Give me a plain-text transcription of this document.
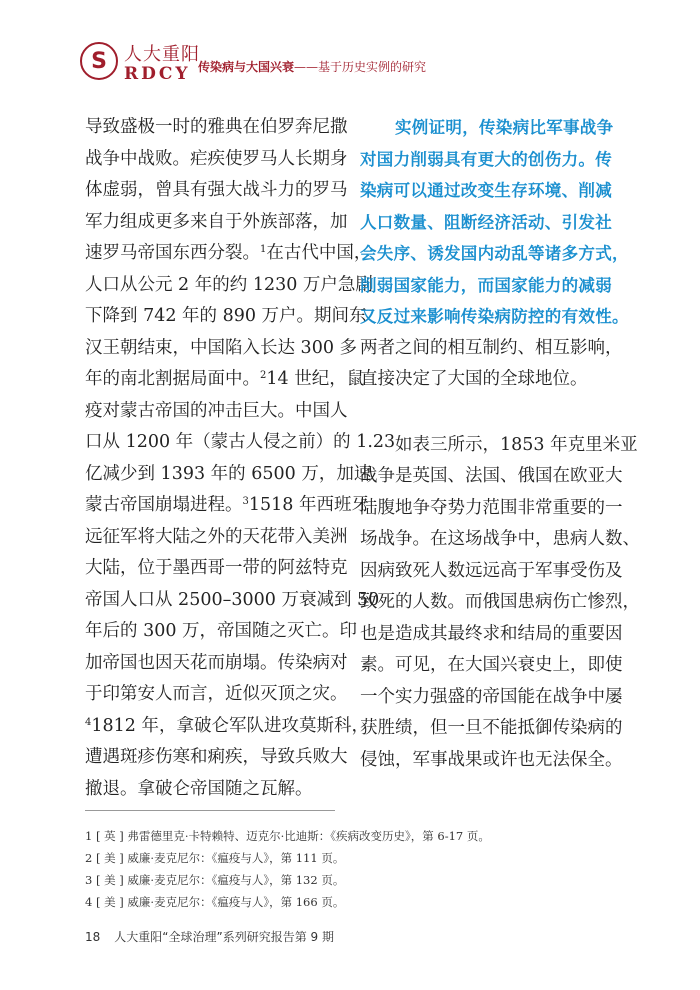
S 人大重阳
RDCY 传染病与大国兴衰——基于历史实例的研究
导致盛极一时的雅典在伯罗奔尼撒
战争中战败。疟疾使罗马人长期身
体虚弱，曾具有强大战斗力的罗马
军力组成更多来自于外族部落，加
速罗马帝国东西分裂。$^1$在古代中国，
人口从公元 2 年的约 1230 万户急剧
下降到 742 年的 890 万户。期间东
汉王朝结束，中国陷入长达 300 多
年的南北割据局面中。$^2$14 世纪，鼠
疫对蒙古帝国的冲击巨大。中国人
口从 1200 年（蒙古人侵之前）的 1.23
亿减少到 1393 年的 6500 万，加速
蒙古帝国崩塌进程。$^3$1518 年西班牙
远征军将大陆之外的天花带入美洲
大陆，位于墨西哥一带的阿兹特克
帝国人口从 2500–3000 万衰减到 50
年后的 300 万，帝国随之灭亡。印
加帝国也因天花而崩塌。传染病对
于印第安人而言，近似灭顶之灾。
$^4$1812 年，拿破仑军队进攻莫斯科，
遭遇斑疹伤寒和痢疾，导致兵败大
撤退。拿破仑帝国随之瓦解。
实例证明，传染病比军事战争
对国力削弱具有更大的创伤力。传
染病可以通过改变生存环境、削减
人口数量、阻断经济活动、引发社
会失序、诱发国内动乱等诸多方式，
削弱国家能力，而国家能力的减弱
又反过来影响传染病防控的有效性。
两者之间的相互制约、相互影响，
直接决定了大国的全球地位。
如表三所示，1853 年克里米亚
战争是英国、法国、俄国在欧亚大
陆腹地争夺势力范围非常重要的一
场战争。在这场战争中，患病人数、
因病致死人数远远高于军事受伤及
致死的人数。而俄国患病伤亡惨烈，
也是造成其最终求和结局的重要因
素。可见，在大国兴衰史上，即使
一个实力强盛的帝国能在战争中屡
获胜绩，但一旦不能抵御传染病的
侵蚀，军事战果或许也无法保全。
1 [ 英 ] 弗雷德里克·卡特赖特、迈克尔·比迪斯：《疾病改变历史》，第 6-17 页。
2 [ 美 ] 威廉·麦克尼尔：《瘟疫与人》，第 111 页。
3 [ 美 ] 威廉·麦克尼尔：《瘟疫与人》，第 132 页。
4 [ 美 ] 威廉·麦克尼尔：《瘟疫与人》，第 166 页。
18 人大重阳“全球治理”系列研究报告第 9 期
